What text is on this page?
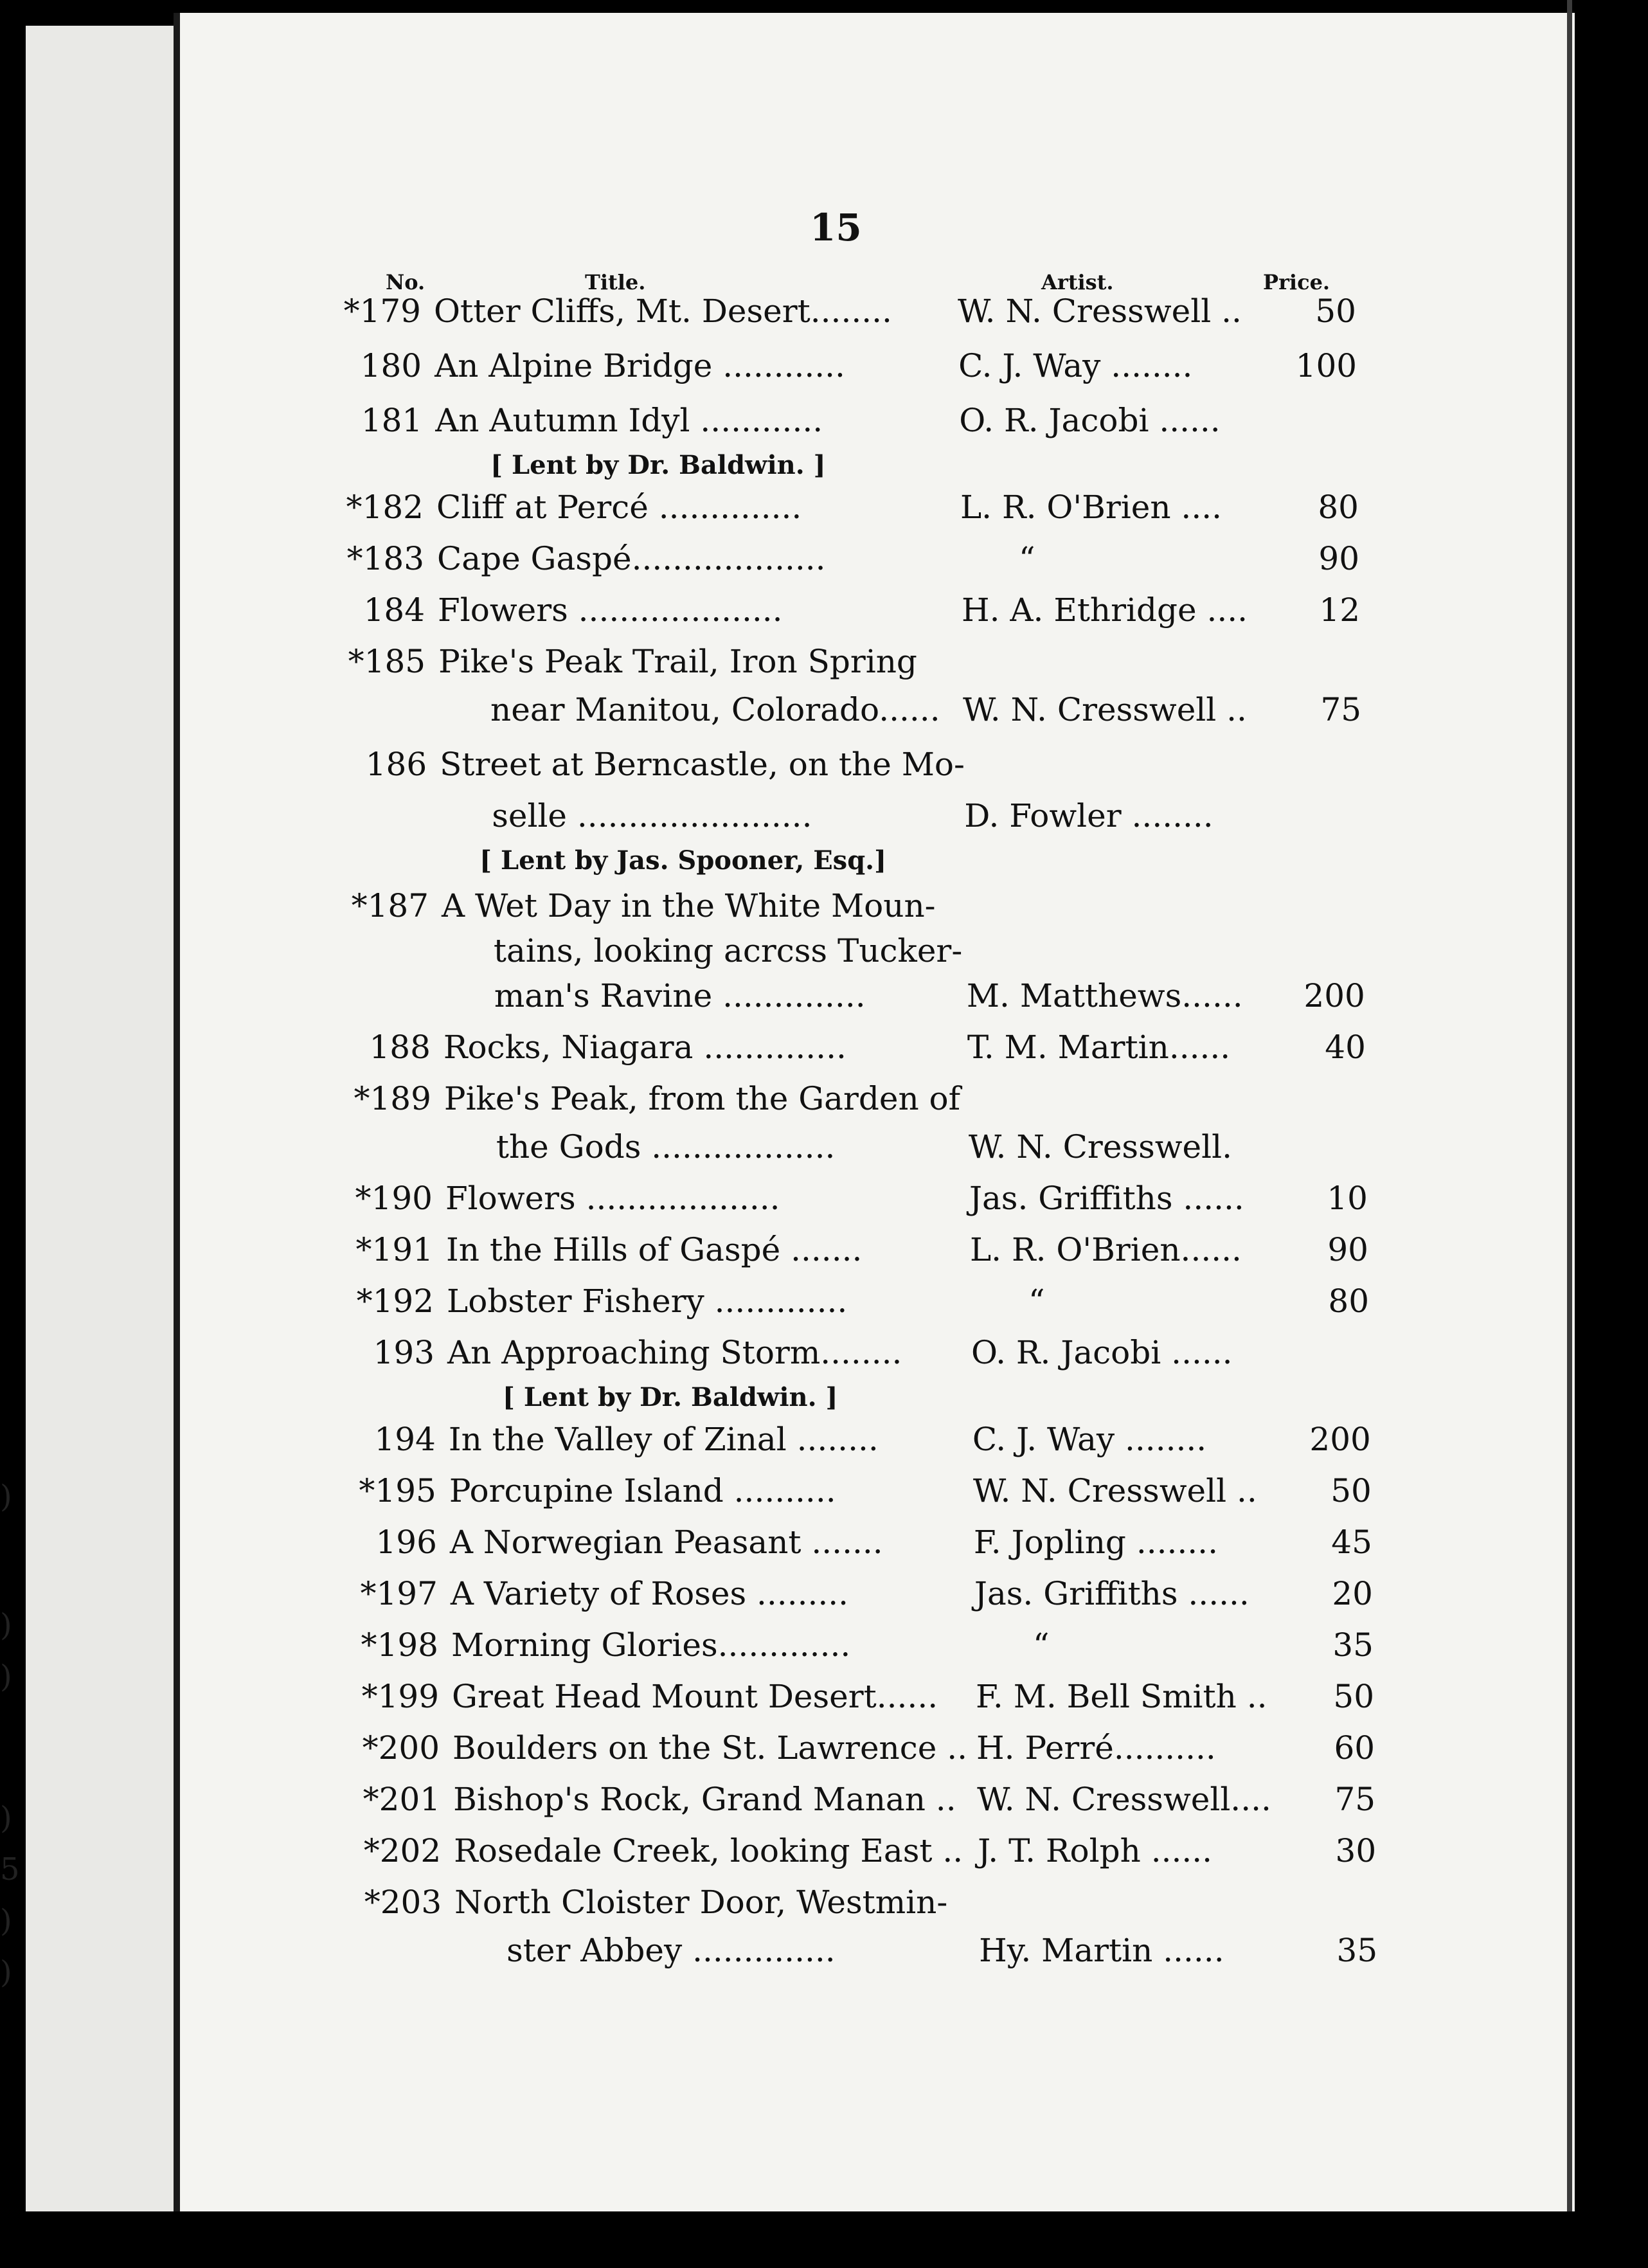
)
)
)
)
5
)
)
15
No.	Title.	Artist.	Price.
*179 Otter Cliffs, Mt. Desert........ W. N. Cresswell .. 50
180 An Alpine Bridge ............	C. J. Way ........	100
181 An Autumn Idyl ............	O. R. Jacobi ......
[ Lent by Dr. Baldwin. ]
*182 Cliff at Percé ..............	L. R. O'Brien ....	80
*183 Cape Gaspé...................	“	90
184 Flowers ....................	H. A. Ethridge .... 12
*185 Pike's Peak Trail, Iron Spring
near Manitou, Colorado...... W. N. Cresswell .. 75
186 Street at Berncastle, on the Mo-
selle .......................	D. Fowler ........
[ Lent by Jas. Spooner, Esq.]
*187 A Wet Day in the White Moun-
tains, looking acrcss Tucker-
man's Ravine ..............	M. Matthews...... 200
188 Rocks, Niagara ..............	T. M. Martin......	40
*189 Pike's Peak, from the Garden of
the Gods ..................	W. N. Cresswell.
*190 Flowers ...................	Jas. Griffiths ......	10
*191 In the Hills of Gaspé .......	L. R. O'Brien......	90
*192 Lobster Fishery .............	“	80
193 An Approaching Storm........ O. R. Jacobi ......
[ Lent by Dr. Baldwin. ]
194 In the Valley of Zinal ........	C. J. Way ........	200
*195 Porcupine Island ..........	W. N. Cresswell .. 50
196 A Norwegian Peasant .......	F. Jopling ........	45
*197 A Variety of Roses .........	Jas. Griffiths ......	20
*198 Morning Glories.............	“	35
*199 Great Head Mount Desert...... F. M. Bell Smith .. 50
*200 Boulders on the St. Lawrence .. H. Perré..........	60
*201 Bishop's Rock, Grand Manan .. W. N. Cresswell.... 75
*202 Rosedale Creek, looking East .. J. T. Rolph ......	30
*203 North Cloister Door, Westmin-
ster Abbey ..............	Hy. Martin ......	35
